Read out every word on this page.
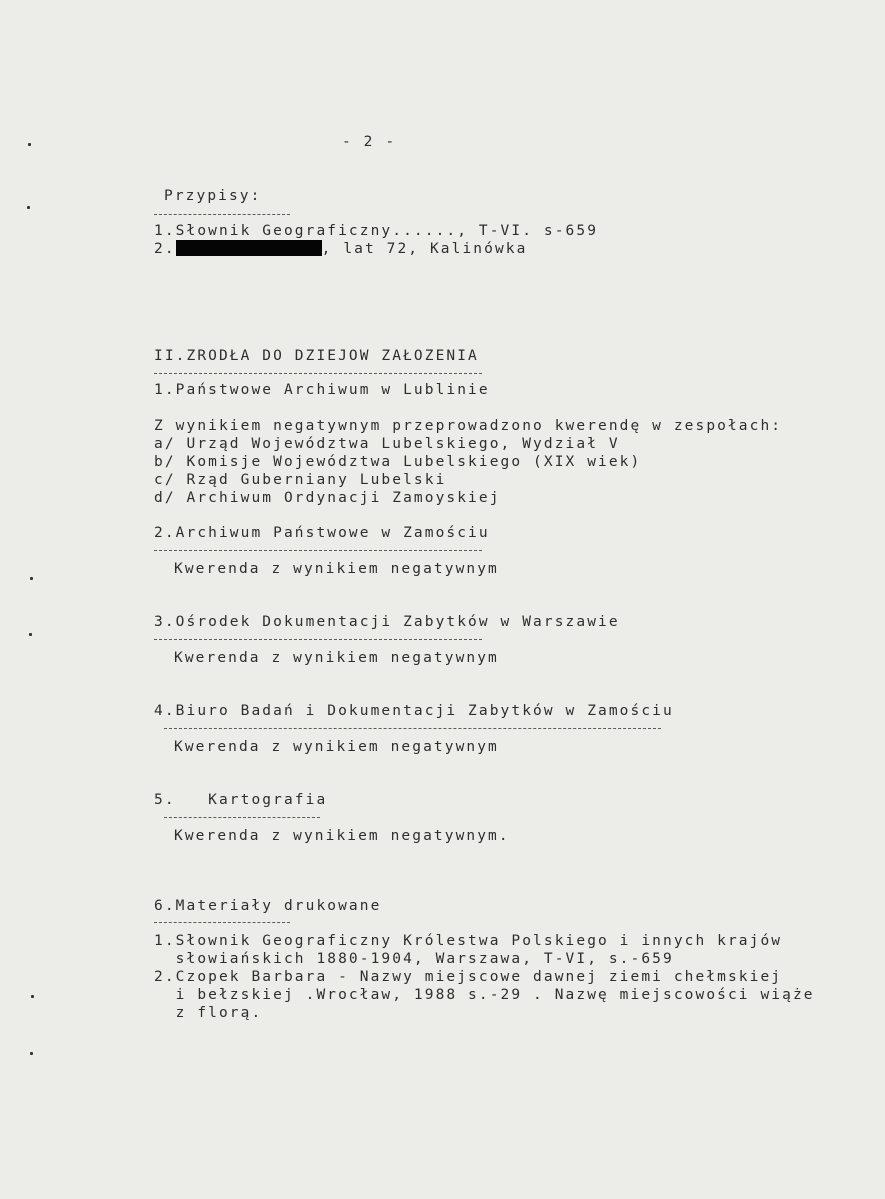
- 2 -
Przypisy:
1.Słownik Geograficzny......, T-VI. s-659
2.	, lat 72, Kalinówka
II.ZRODŁA DO DZIEJOW ZAŁOZENIA
1.Państwowe Archiwum w Lublinie
Z wynikiem negatywnym przeprowadzono kwerendę w zespołach:
a/ Urząd Województwa Lubelskiego, Wydział V
b/ Komisje Województwa Lubelskiego (XIX wiek)
c/ Rząd Guberniany Lubelski
d/ Archiwum Ordynacji Zamoyskiej
2.Archiwum Państwowe w Zamościu
Kwerenda z wynikiem negatywnym
3.Ośrodek Dokumentacji Zabytków w Warszawie
Kwerenda z wynikiem negatywnym
4.Biuro Badań i Dokumentacji Zabytków w Zamościu
Kwerenda z wynikiem negatywnym
5.   Kartografia
Kwerenda z wynikiem negatywnym.
6.Materiały drukowane
1.Słownik Geograficzny Królestwa Polskiego i innych krajów
słowiańskich 1880-1904, Warszawa, T-VI, s.-659
2.Czopek Barbara - Nazwy miejscowe dawnej ziemi chełmskiej
i bełzskiej .Wrocław, 1988 s.-29 . Nazwę miejscowości wiąże
z florą.
